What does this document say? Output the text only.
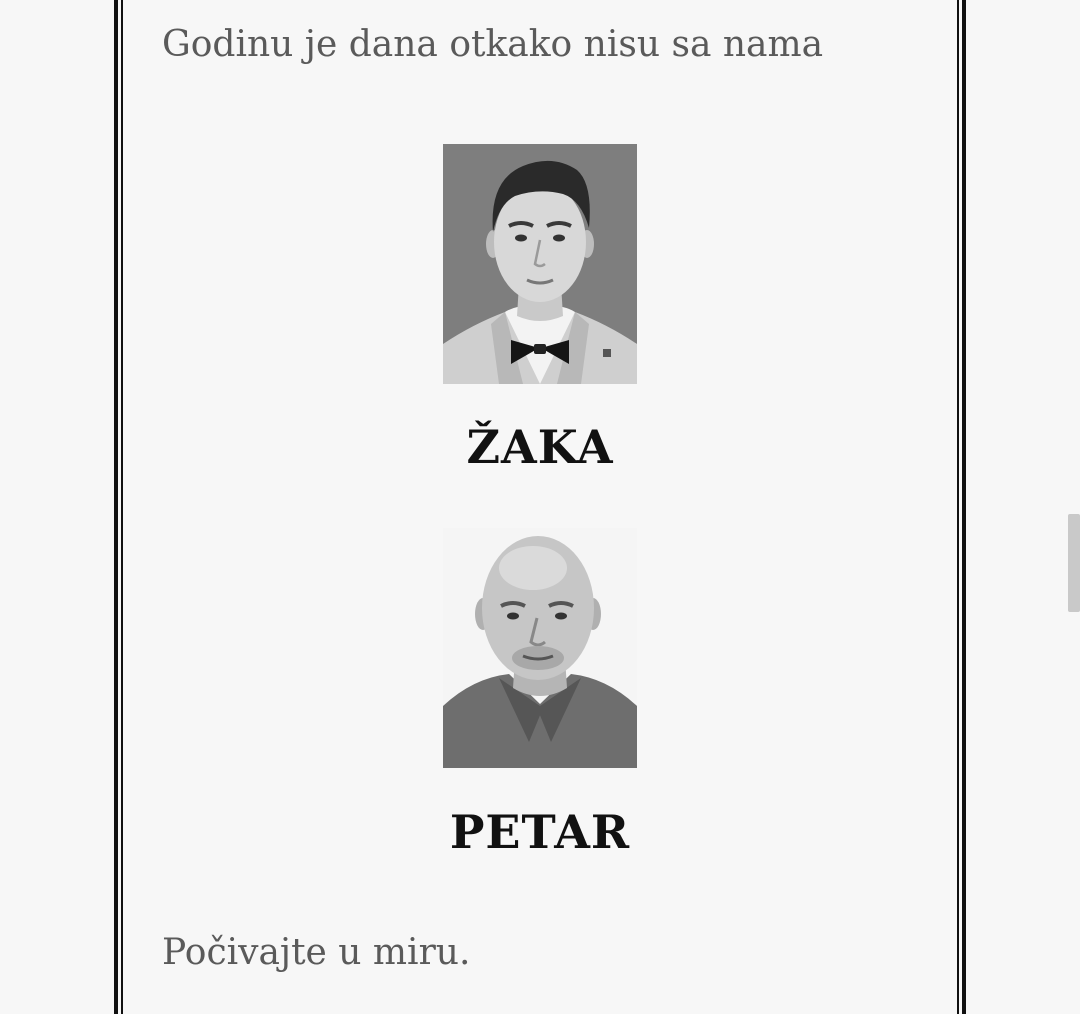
Godinu je dana otkako nisu sa nama

ŽAKA
PETAR

Počivajte u miru.
